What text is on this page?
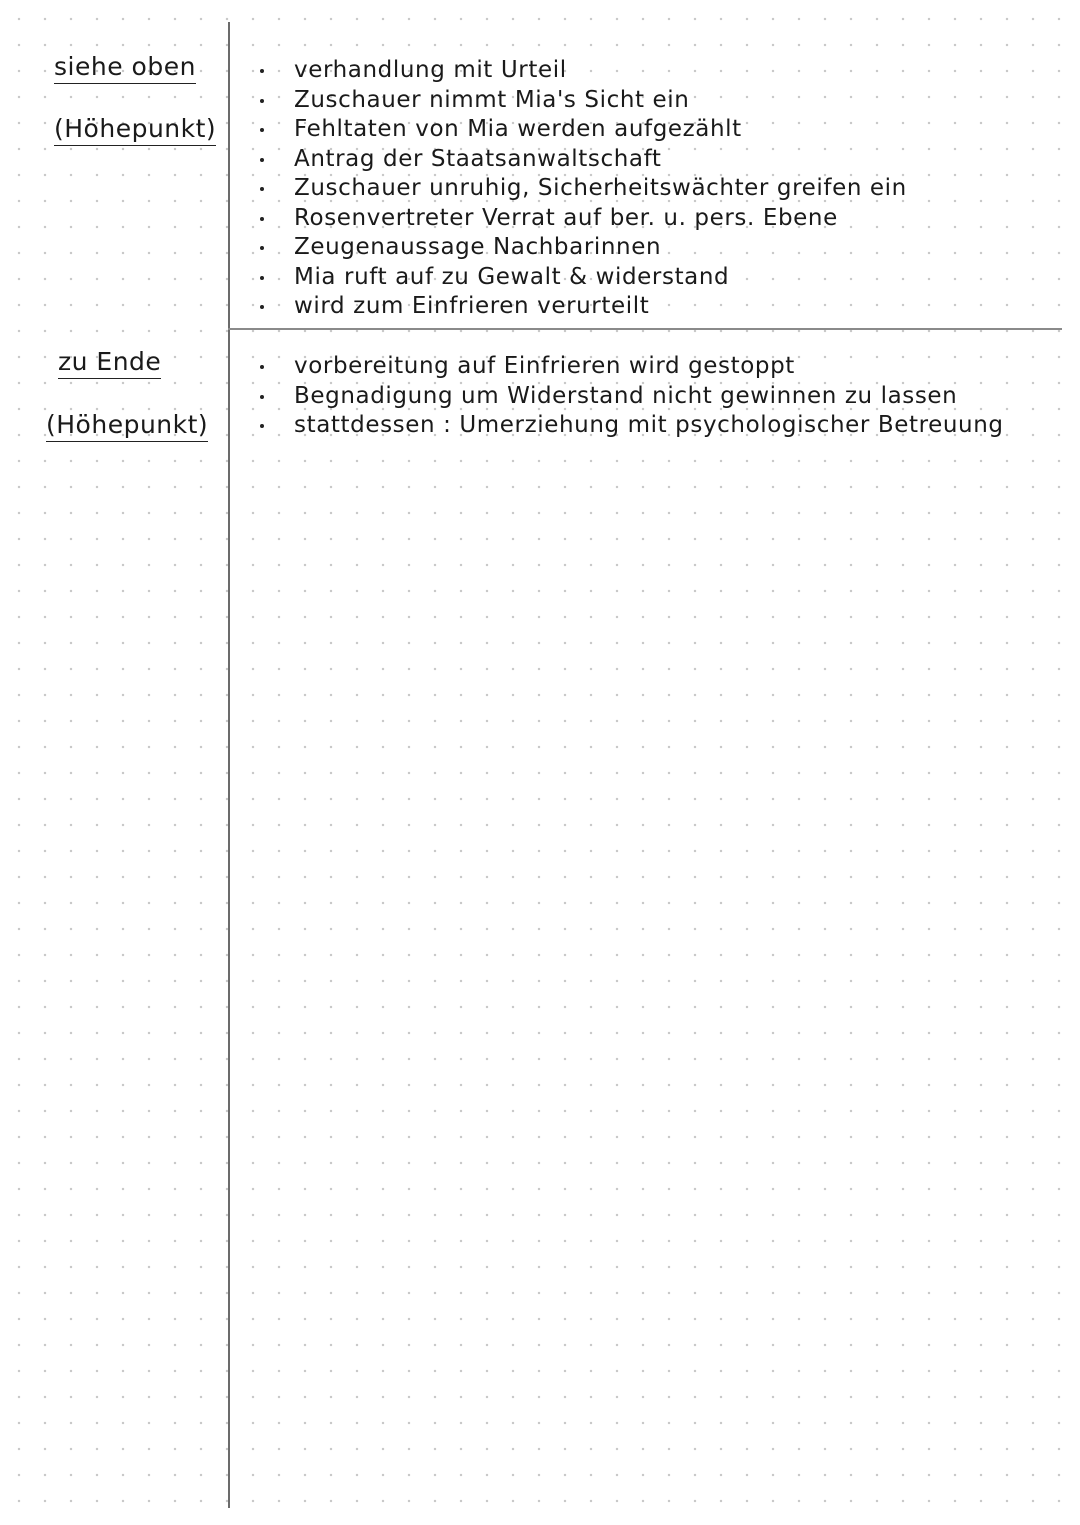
siehe oben
(Höhepunkt)
verhandlung mit Urteil
Zuschauer nimmt Mia's Sicht ein
Fehltaten von Mia werden aufgezählt
Antrag der Staatsanwaltschaft
Zuschauer unruhig, Sicherheitswächter greifen ein
Rosenvertreter Verrat auf ber. u. pers. Ebene
Zeugenaussage Nachbarinnen
Mia ruft auf zu Gewalt & widerstand
wird zum Einfrieren verurteilt
zu Ende
(Höhepunkt)
vorbereitung auf Einfrieren wird gestoppt
Begnadigung um Widerstand nicht gewinnen zu lassen
stattdessen : Umerziehung mit psychologischer Betreuung
